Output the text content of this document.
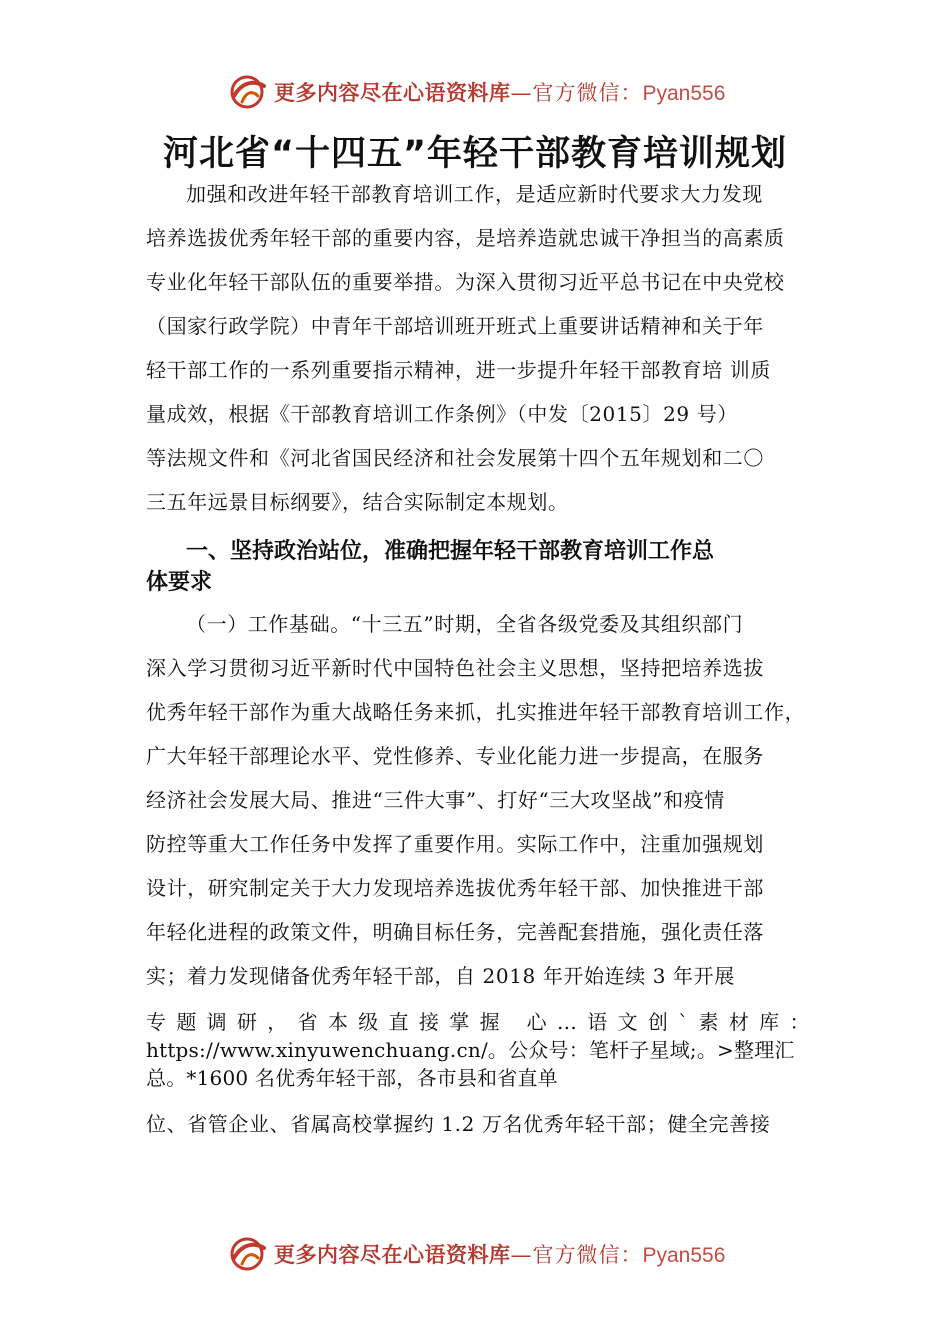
更多内容尽在心语资料库—官方微信：Pyan556
河北省“十四五”年轻干部教育培训规划
加强和改进年轻干部教育培训工作，是适应新时代要求大力发现
培养选拔优秀年轻干部的重要内容，是培养造就忠诚干净担当的高素质
专业化年轻干部队伍的重要举措。为深入贯彻习近平总书记在中央党校
（国家行政学院）中青年干部培训班开班式上重要讲话精神和关于年
轻干部工作的一系列重要指示精神，进一步提升年轻干部教育培 训质
量成效，根据《干部教育培训工作条例》（中发〔2015〕29 号）
等法规文件和《河北省国民经济和社会发展第十四个五年规划和二〇
三五年远景目标纲要》，结合实际制定本规划。
一、坚持政治站位，准确把握年轻干部教育培训工作总
体要求
（一）工作基础。“十三五”时期，全省各级党委及其组织部门
深入学习贯彻习近平新时代中国特色社会主义思想，坚持把培养选拔
优秀年轻干部作为重大战略任务来抓，扎实推进年轻干部教育培训工作，
广大年轻干部理论水平、党性修养、专业化能力进一步提高，在服务
经济社会发展大局、推进“三件大事”、打好“三大攻坚战”和疫情
防控等重大工作任务中发挥了重要作用。实际工作中，注重加强规划
设计，研究制定关于大力发现培养选拔优秀年轻干部、加快推进干部
年轻化进程的政策文件，明确目标任务，完善配套措施，强化责任落
实；着力发现储备优秀年轻干部，自 2018 年开始连续 3 年开展
专题调研，省本级直接掌握 心…语文创`素材库：
https://www.xinyuwenchuang.cn/。公众号：笔杆子星域;。>整理汇
总。*1600 名优秀年轻干部，各市县和省直单
位、省管企业、省属高校掌握约 1.2 万名优秀年轻干部；健全完善接
更多内容尽在心语资料库—官方微信：Pyan556
